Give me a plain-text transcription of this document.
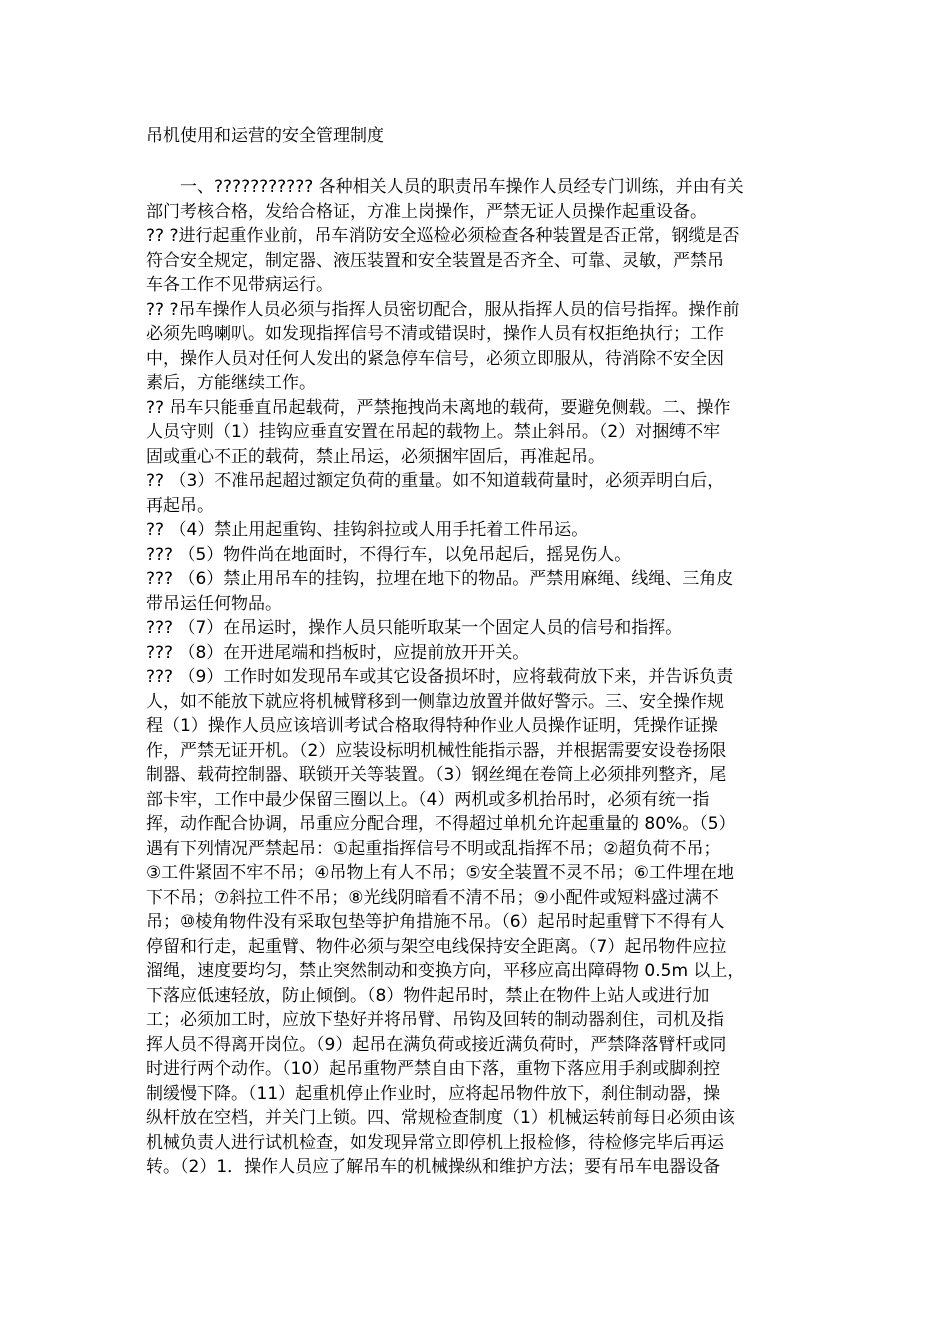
吊机使用和运营的安全管理制度
一、??????????? 各种相关人员的职责吊车操作人员经专门训练，并由有关
部门考核合格，发给合格证，方准上岗操作，严禁无证人员操作起重设备。
?? ?进行起重作业前，吊车消防安全巡检必须检查各种装置是否正常，钢缆是否
符合安全规定，制定器、液压装置和安全装置是否齐全、可靠、灵敏，严禁吊
车各工作不见带病运行。
?? ?吊车操作人员必须与指挥人员密切配合，服从指挥人员的信号指挥。操作前
必须先鸣喇叭。如发现指挥信号不清或错误时，操作人员有权拒绝执行；工作
中，操作人员对任何人发出的紧急停车信号，必须立即服从，待消除不安全因
素后，方能继续工作。
?? 吊车只能垂直吊起载荷，严禁拖拽尚未离地的载荷，要避免侧载。二、操作
人员守则（1）挂钩应垂直安置在吊起的载物上。禁止斜吊。（2）对捆缚不牢
固或重心不正的载荷，禁止吊运，必须捆牢固后，再准起吊。
?? （3）不准吊起超过额定负荷的重量。如不知道载荷量时，必须弄明白后，
再起吊。
?? （4）禁止用起重钩、挂钩斜拉或人用手托着工件吊运。
??? （5）物件尚在地面时，不得行车，以免吊起后，摇晃伤人。
??? （6）禁止用吊车的挂钩，拉埋在地下的物品。严禁用麻绳、线绳、三角皮
带吊运任何物品。
??? （7）在吊运时，操作人员只能听取某一个固定人员的信号和指挥。
??? （8）在开进尾端和挡板时，应提前放开开关。
??? （9）工作时如发现吊车或其它设备损坏时，应将载荷放下来，并告诉负责
人，如不能放下就应将机械臂移到一侧靠边放置并做好警示。三、安全操作规
程（1）操作人员应该培训考试合格取得特种作业人员操作证明，凭操作证操
作，严禁无证开机。（2）应装设标明机械性能指示器，并根据需要安设卷扬限
制器、载荷控制器、联锁开关等装置。（3）钢丝绳在卷筒上必须排列整齐，尾
部卡牢，工作中最少保留三圈以上。（4）两机或多机抬吊时，必须有统一指
挥，动作配合协调，吊重应分配合理，不得超过单机允许起重量的 80%。（5）
遇有下列情况严禁起吊：①起重指挥信号不明或乱指挥不吊；②超负荷不吊；
③工件紧固不牢不吊；④吊物上有人不吊；⑤安全装置不灵不吊；⑥工件埋在地
下不吊；⑦斜拉工件不吊；⑧光线阴暗看不清不吊；⑨小配件或短料盛过满不
吊；⑩棱角物件没有采取包垫等护角措施不吊。（6）起吊时起重臂下不得有人
停留和行走，起重臂、物件必须与架空电线保持安全距离。（7）起吊物件应拉
溜绳，速度要均匀，禁止突然制动和变换方向，平移应高出障碍物 0.5m 以上，
下落应低速轻放，防止倾倒。（8）物件起吊时，禁止在物件上站人或进行加
工；必须加工时，应放下垫好并将吊臂、吊钩及回转的制动器刹住，司机及指
挥人员不得离开岗位。（9）起吊在满负荷或接近满负荷时，严禁降落臂杆或同
时进行两个动作。（10）起吊重物严禁自由下落，重物下落应用手刹或脚刹控
制缓慢下降。（11）起重机停止作业时，应将起吊物件放下，刹住制动器，操
纵杆放在空档，并关门上锁。四、常规检查制度（1）机械运转前每日必须由该
机械负责人进行试机检查，如发现异常立即停机上报检修，待检修完毕后再运
转。（2）1．操作人员应了解吊车的机械操纵和维护方法；要有吊车电器设备
